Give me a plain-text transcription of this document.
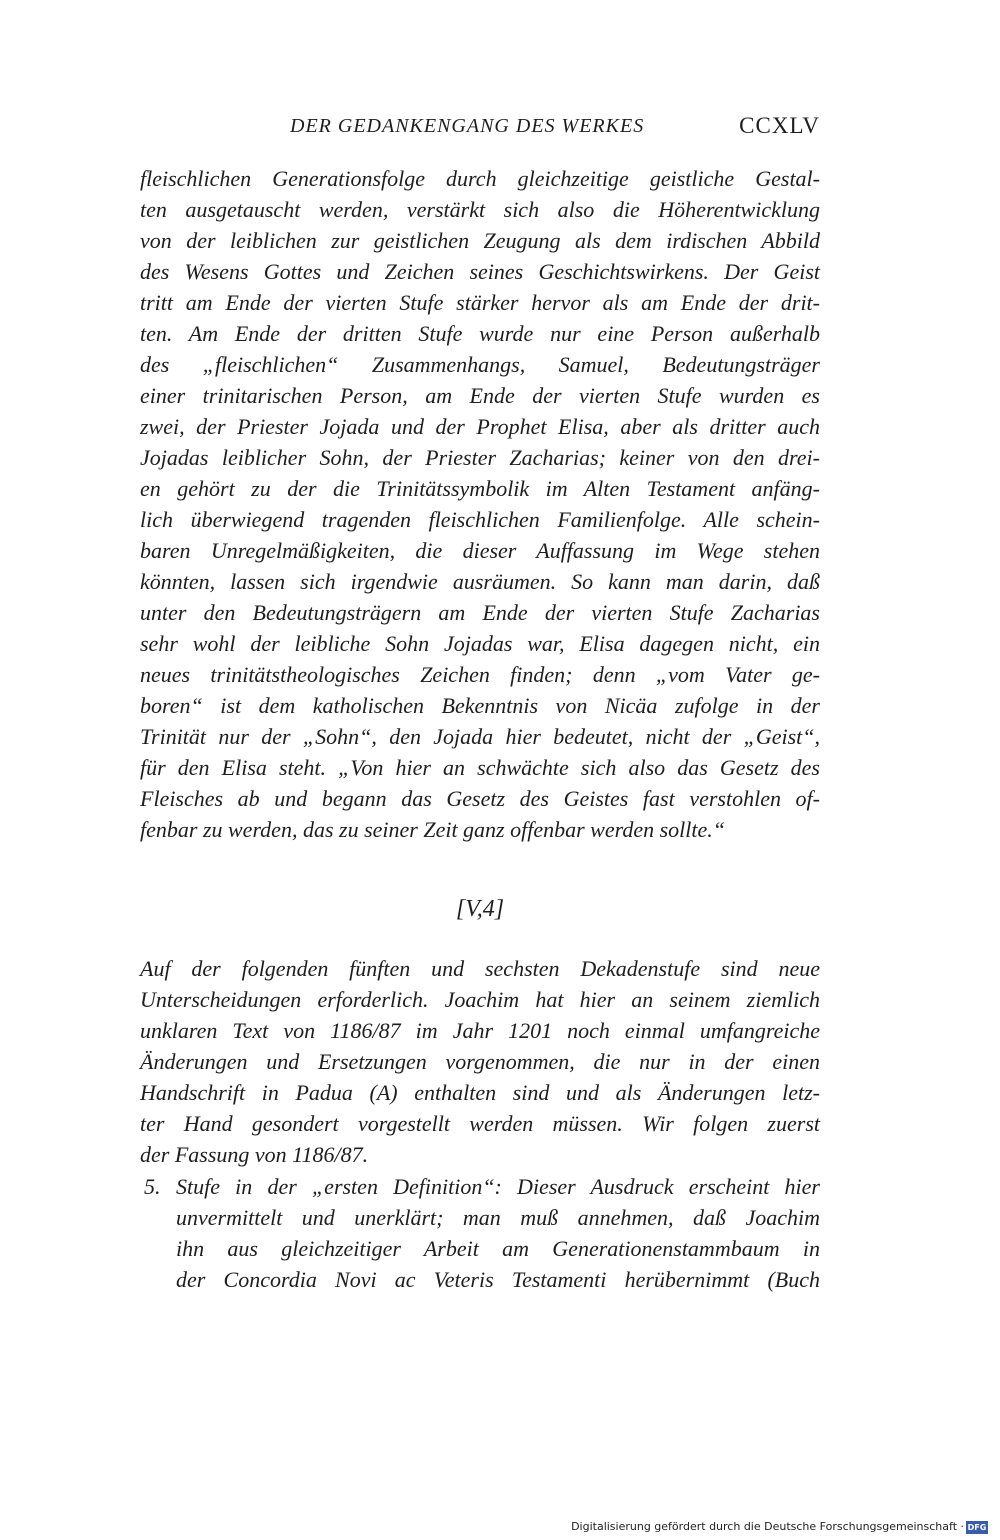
DER GEDANKENGANG DES WERKES	CCXLV
fleischlichen Generationsfolge durch gleichzeitige geistliche Gestal-
ten ausgetauscht werden, verstärkt sich also die Höherentwicklung
von der leiblichen zur geistlichen Zeugung als dem irdischen Abbild
des Wesens Gottes und Zeichen seines Geschichtswirkens. Der Geist
tritt am Ende der vierten Stufe stärker hervor als am Ende der drit-
ten. Am Ende der dritten Stufe wurde nur eine Person außerhalb
des „fleischlichen“ Zusammenhangs, Samuel, Bedeutungsträger
einer trinitarischen Person, am Ende der vierten Stufe wurden es
zwei, der Priester Jojada und der Prophet Elisa, aber als dritter auch
Jojadas leiblicher Sohn, der Priester Zacharias; keiner von den drei-
en gehört zu der die Trinitätssymbolik im Alten Testament anfäng-
lich überwiegend tragenden fleischlichen Familienfolge. Alle schein-
baren Unregelmäßigkeiten, die dieser Auffassung im Wege stehen
könnten, lassen sich irgendwie ausräumen. So kann man darin, daß
unter den Bedeutungsträgern am Ende der vierten Stufe Zacharias
sehr wohl der leibliche Sohn Jojadas war, Elisa dagegen nicht, ein
neues trinitätstheologisches Zeichen finden; denn „vom Vater ge-
boren“ ist dem katholischen Bekenntnis von Nicäa zufolge in der
Trinität nur der „Sohn“, den Jojada hier bedeutet, nicht der „Geist“,
für den Elisa steht. „Von hier an schwächte sich also das Gesetz des
Fleisches ab und begann das Gesetz des Geistes fast verstohlen of-
fenbar zu werden, das zu seiner Zeit ganz offenbar werden sollte.“
[V,4]
Auf der folgenden fünften und sechsten Dekadenstufe sind neue
Unterscheidungen erforderlich. Joachim hat hier an seinem ziemlich
unklaren Text von 1186/87 im Jahr 1201 noch einmal umfangreiche
Änderungen und Ersetzungen vorgenommen, die nur in der einen
Handschrift in Padua (A) enthalten sind und als Änderungen letz-
ter Hand gesondert vorgestellt werden müssen. Wir folgen zuerst
der Fassung von 1186/87.
5. Stufe in der „ersten Definition“: Dieser Ausdruck erscheint hier
unvermittelt und unerklärt; man muß annehmen, daß Joachim
ihn aus gleichzeitiger Arbeit am Generationenstammbaum in
der Concordia Novi ac Veteris Testamenti herübernimmt (Buch
Digitalisierung gefördert durch die Deutsche Forschungsgemeinschaft · DFG
